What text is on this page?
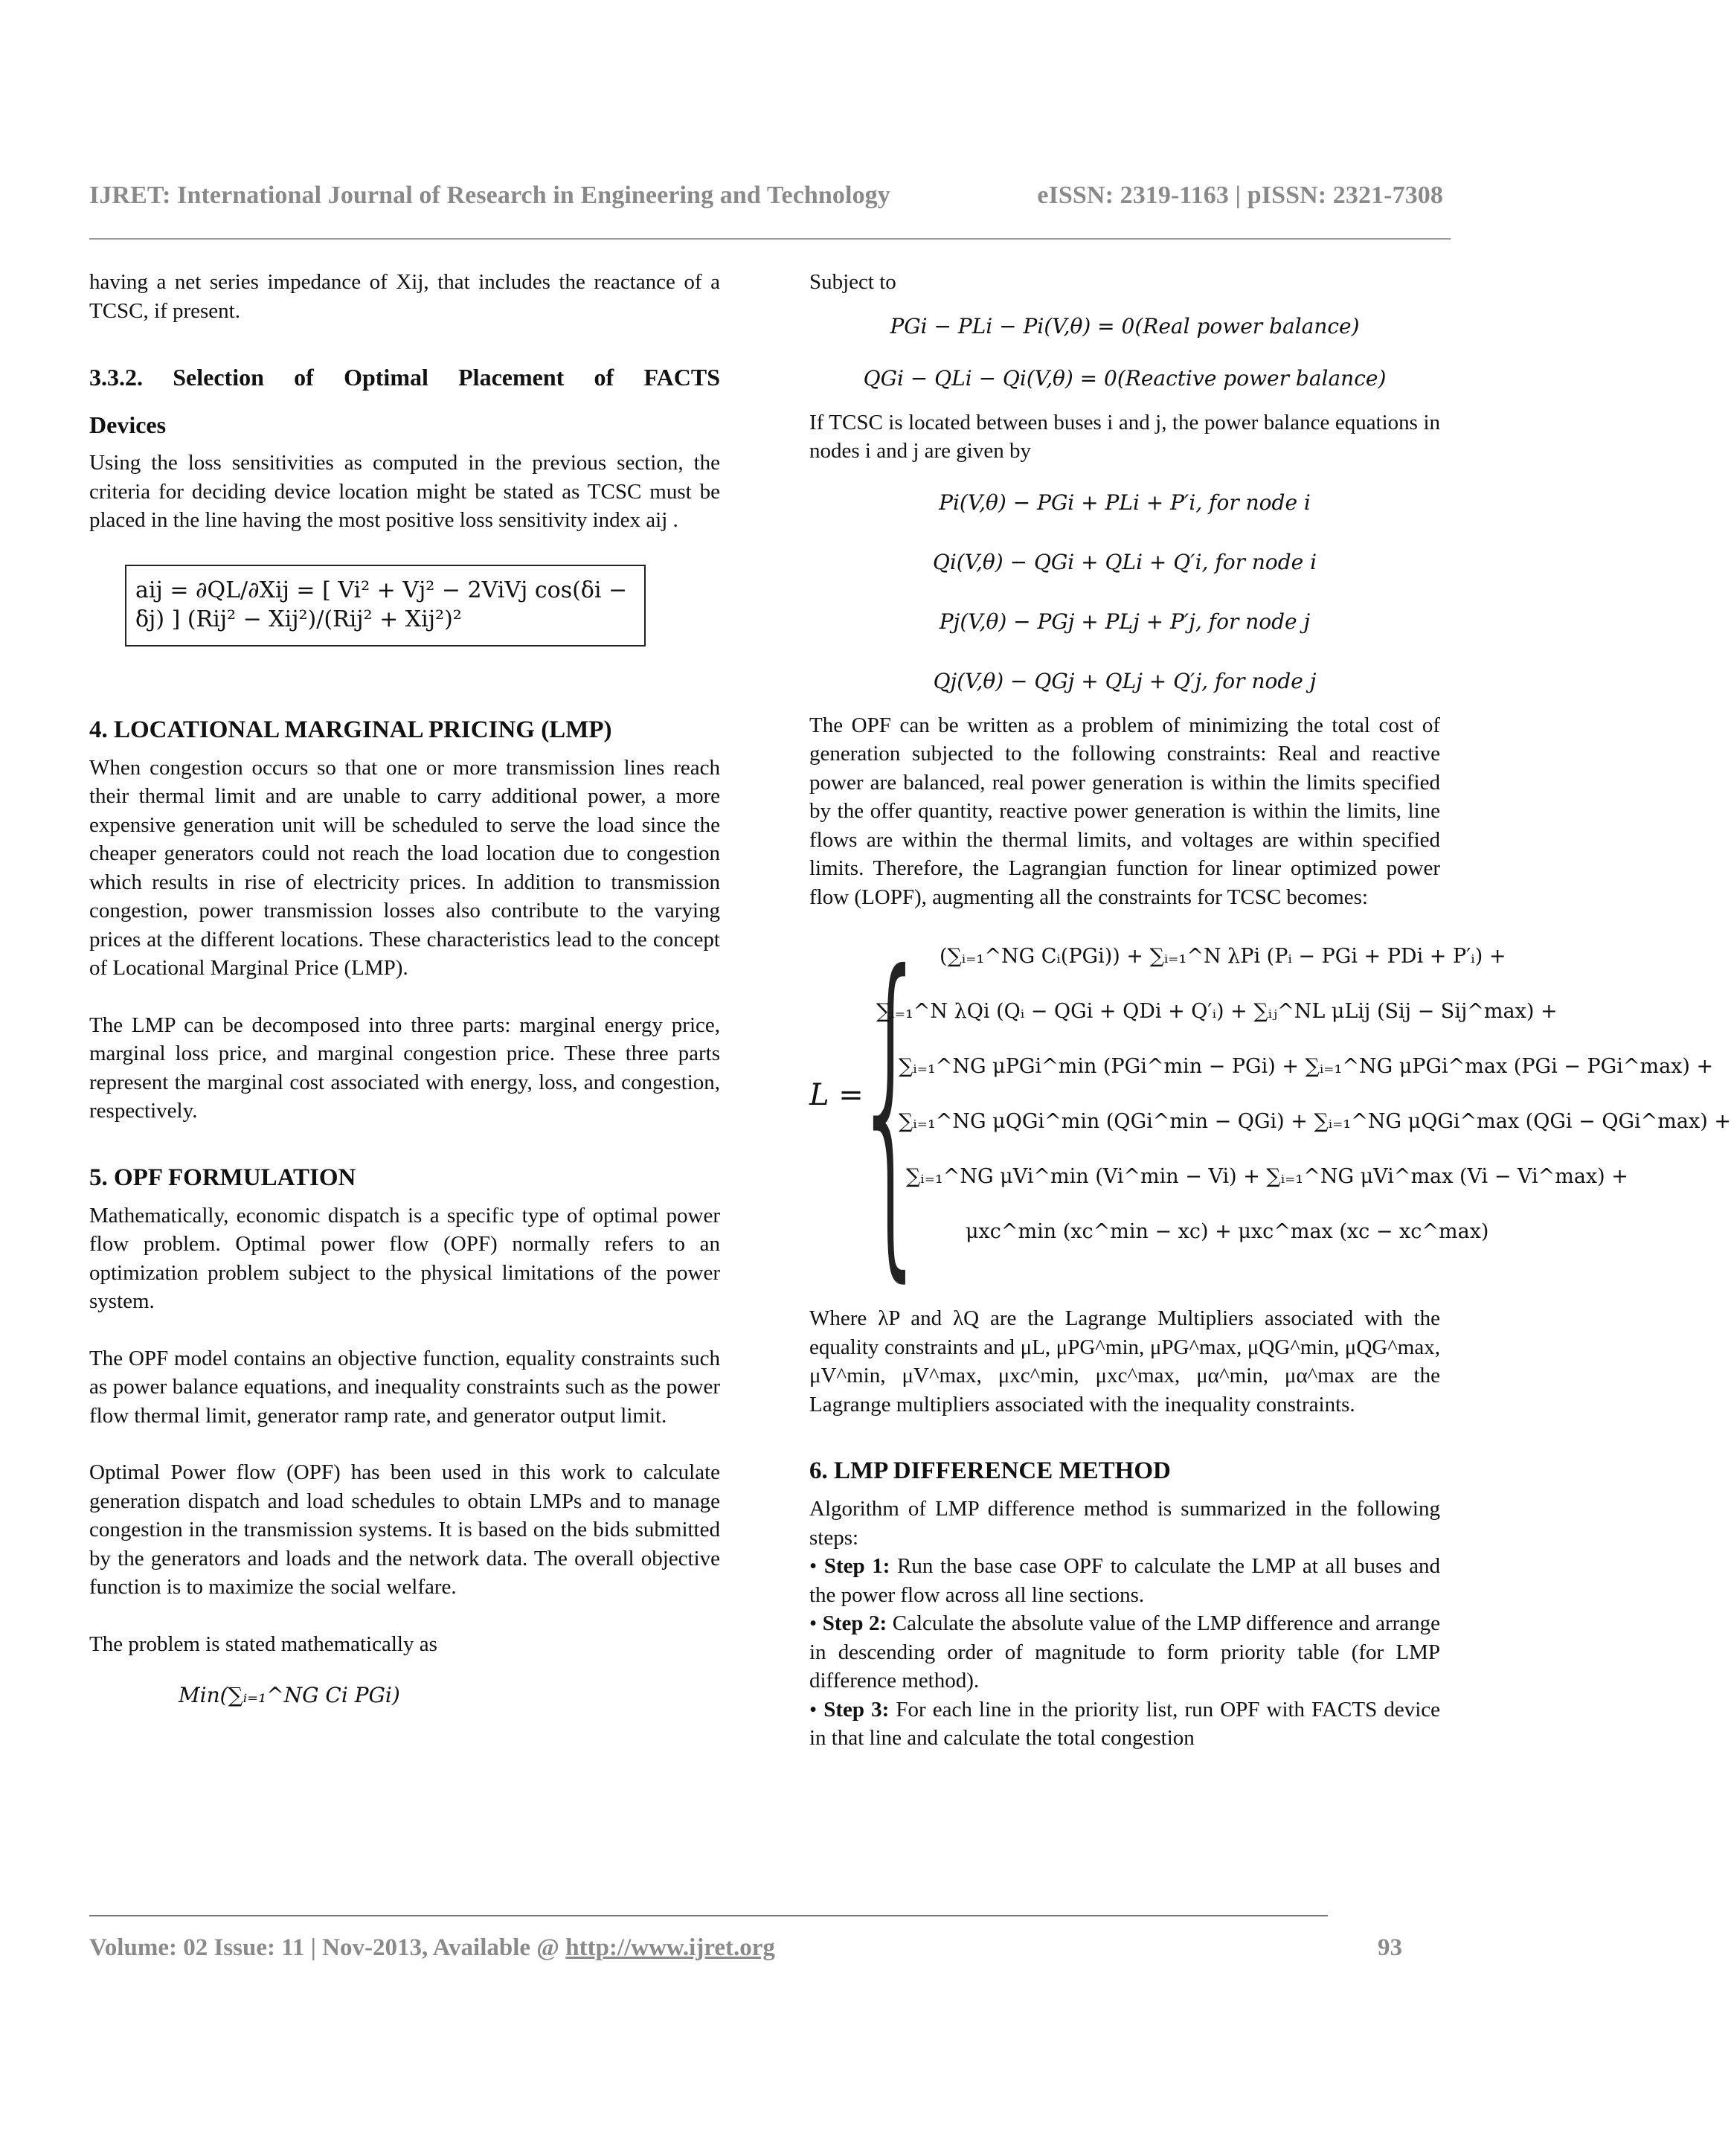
IJRET: International Journal of Research in Engineering and Technology	eISSN: 2319-1163 | pISSN: 2321-7308

having a net series impedance of Xij, that includes the reactance of a TCSC, if present.

3.3.2. Selection of Optimal Placement of FACTS
Devices

Using the loss sensitivities as computed in the previous section, the criteria for deciding device location might be stated as TCSC must be placed in the line having the most positive loss sensitivity index aij .

aij = ∂QL/∂Xij = [ Vi² + Vj² − 2ViVj cos(δi − δj) ] (Rij² − Xij²)/(Rij² + Xij²)²
4. LOCATIONAL MARGINAL PRICING (LMP)

When congestion occurs so that one or more transmission lines reach their thermal limit and are unable to carry additional power, a more expensive generation unit will be scheduled to serve the load since the cheaper generators could not reach the load location due to congestion which results in rise of electricity prices. In addition to transmission congestion, power transmission losses also contribute to the varying prices at the different locations. These characteristics lead to the concept of Locational Marginal Price (LMP).

The LMP can be decomposed into three parts: marginal energy price, marginal loss price, and marginal congestion price. These three parts represent the marginal cost associated with energy, loss, and congestion, respectively.

5. OPF FORMULATION

Mathematically, economic dispatch is a specific type of optimal power flow problem. Optimal power flow (OPF) normally refers to an optimization problem subject to the physical limitations of the power system.

The OPF model contains an objective function, equality constraints such as power balance equations, and inequality constraints such as the power flow thermal limit, generator ramp rate, and generator output limit.

Optimal Power flow (OPF) has been used in this work to calculate generation dispatch and load schedules to obtain LMPs and to manage congestion in the transmission systems. It is based on the bids submitted by the generators and loads and the network data. The overall objective function is to maximize the social welfare.

The problem is stated mathematically as

Min(∑ᵢ₌₁^NG Ci PGi)

Subject to

PGi − PLi − Pi(V,θ) = 0(Real power balance)
QGi − QLi − Qi(V,θ) = 0(Reactive power balance)

If TCSC is located between buses i and j, the power balance equations in nodes i and j are given by

Pi(V,θ) − PGi + PLi + P′i, for node i
Qi(V,θ) − QGi + QLi + Q′i, for node i
Pj(V,θ) − PGj + PLj + P′j, for node j
Qj(V,θ) − QGj + QLj + Q′j, for node j

The OPF can be written as a problem of minimizing the total cost of generation subjected to the following constraints: Real and reactive power are balanced, real power generation is within the limits specified by the offer quantity, reactive power generation is within the limits, line flows are within the thermal limits, and voltages are within specified limits. Therefore, the Lagrangian function for linear optimized power flow (LOPF), augmenting all the constraints for TCSC becomes:

L =
{ (∑ᵢ₌₁^NG Cᵢ(PGi)) + ∑ᵢ₌₁^N λPi (Pᵢ − PGi + PDi + P′ᵢ) +
∑ᵢ₌₁^N λQi (Qᵢ − QGi + QDi + Q′ᵢ) + ∑ᵢⱼ^NL μLij (Sij − Sij^max) +
∑ᵢ₌₁^NG μPGi^min (PGi^min − PGi) + ∑ᵢ₌₁^NG μPGi^max (PGi − PGi^max) +
∑ᵢ₌₁^NG μQGi^min (QGi^min − QGi) + ∑ᵢ₌₁^NG μQGi^max (QGi − QGi^max) +
∑ᵢ₌₁^NG μVi^min (Vi^min − Vi) + ∑ᵢ₌₁^NG μVi^max (Vi − Vi^max) +
μxc^min (xc^min − xc) + μxc^max (xc − xc^max)

Where λP and λQ are the Lagrange Multipliers associated with the equality constraints and μL, μPG^min, μPG^max, μQG^min, μQG^max, μV^min, μV^max, μxc^min, μxc^max, μα^min, μα^max are the Lagrange multipliers associated with the inequality constraints.

6. LMP DIFFERENCE METHOD

Algorithm of LMP difference method is summarized in the following steps:

• Step 1: Run the base case OPF to calculate the LMP at all buses and the power flow across all line sections.
• Step 2: Calculate the absolute value of the LMP difference and arrange in descending order of magnitude to form priority table (for LMP difference method).
• Step 3: For each line in the priority list, run OPF with FACTS device in that line and calculate the total congestion
Volume: 02 Issue: 11 | Nov-2013, Available @ http://www.ijret.org	93
